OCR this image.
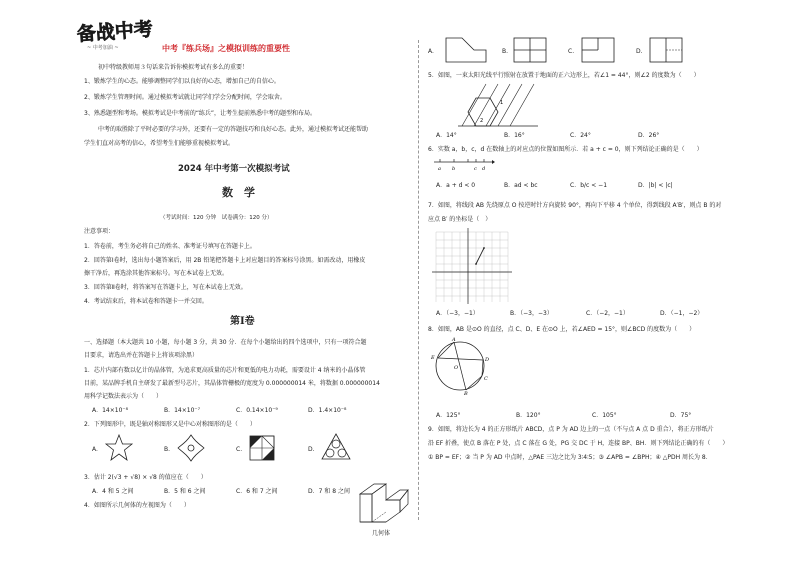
备战中考
~ 中考加油 ~	中考『练兵场』之模拟训练的重要性
初中特级教师用３句话来告诉你模拟考试有多么的重要！
1、锻炼学生的心态。能够调整同学们以良好的心态，增加自己的自信心。
2、锻炼学生管理时间。通过模拟考试就让同学们学会分配时间，学会取舍。
3、熟悉题型和考场。模拟考试是中考前的“练兵”，让考生提前熟悉中考的题型和布局。
中考的取胜除了平时必要的学习外，还要有一定的答题技巧和良好心态。此外，通过模拟考试还能帮助
学生们直对高考的信心，希望考生们能够重视模拟考试。
2024 年中考第一次模拟考试
数　学
（考试时间：120 分钟　试卷满分：120 分）
注意事项：
1．答卷前，考生务必将自己的姓名、准考证号填写在答题卡上。
2．回答第Ⅰ卷时，选出每小题答案后，用 2B 铅笔把答题卡上对应题目的答案标号涂黑。如需改动，用橡皮
擦干净后，再选涂其他答案标号。写在本试卷上无效。
3．回答第Ⅱ卷时，将答案写在答题卡上，写在本试卷上无效。
4．考试结束后，将本试卷和答题卡一并交回。
第Ⅰ卷
一、选择题（本大题共 10 小题，每小题 3 分，共 30 分．在每个小题给出的四个选项中，只有一项符合题
目要求，请选出并在答题卡上将该项涂黑）
1．芯片内部有数以亿计的晶体管，为追求更高质量的芯片和更低的电力功耗，需要设计 4 纳米的小晶体管
目前，某品牌手机自主研发了最新型号芯片，其晶体管栅极的宽度为 0.000000014 米，将数据 0.000000014
用科学记数法表示为（　　）
A．14×10⁻⁸	B．14×10⁻⁷	C．0.14×10⁻⁹	D．1.4×10⁻⁸
2．下列图形中，既是轴对称图形又是中心对称图形的是（　　）
A.	B.	C.	D.
3．估计 2(√3 + √8) × √8 的值应在（　　）
A．4 和 5 之间	B．5 和 6 之间	C．6 和 7 之间	D．7 和 8 之间
4．如图所示几何体的左视图为（　　）
几何体
A.	B.	C.	D.
5．如图，一束太阳光线平行照射在放置于地面的正六边形上，若∠1 = 44°，则∠2 的度数为（　　）
1
2
A．14°	B．16°	C．24°	D．26°
6．实数 a，b，c，d 在数轴上的对应点的位置如图所示．若 a + c = 0，则下列结论正确的是（　　）
a b	c d
A．a + d < 0	B．ad < bc	C．b/c < −1	D．|b| < |c|
7．如图，将线段 AB 先绕原点 O 按逆时针方向旋转 90°，再向下平移 4 个单位，得到线段 A′B′，则点 B 的对
应点 B′ 的坐标是（　）
A．（−3，−1）	B．（−3，−3）	C．（−2，−1）	D．（−1，−2）
8．如图，AB 是⊙O 的直径，点 C、D、E 在⊙O 上，若∠AED = 15°，则∠BCD 的度数为（　　）
A
B
C
D
E
O
A．125°	B．120°	C．105°	D．75°
9．如图，将边长为 4 的正方形纸片 ABCD，点 P 为 AD 边上的一点（不与点 A 点 D 重合），将正方形纸片
沿 EF 折叠，使点 B 落在 P 处，点 C 落在 G 处，PG 交 DC 于 H，连接 BP、BH．则下列结论正确的有（　　）
① BP = EF；② 当 P 为 AD 中点时，△PAE 三边之比为 3∶4∶5；③ ∠APB = ∠BPH；④ △PDH 周长为 8．
